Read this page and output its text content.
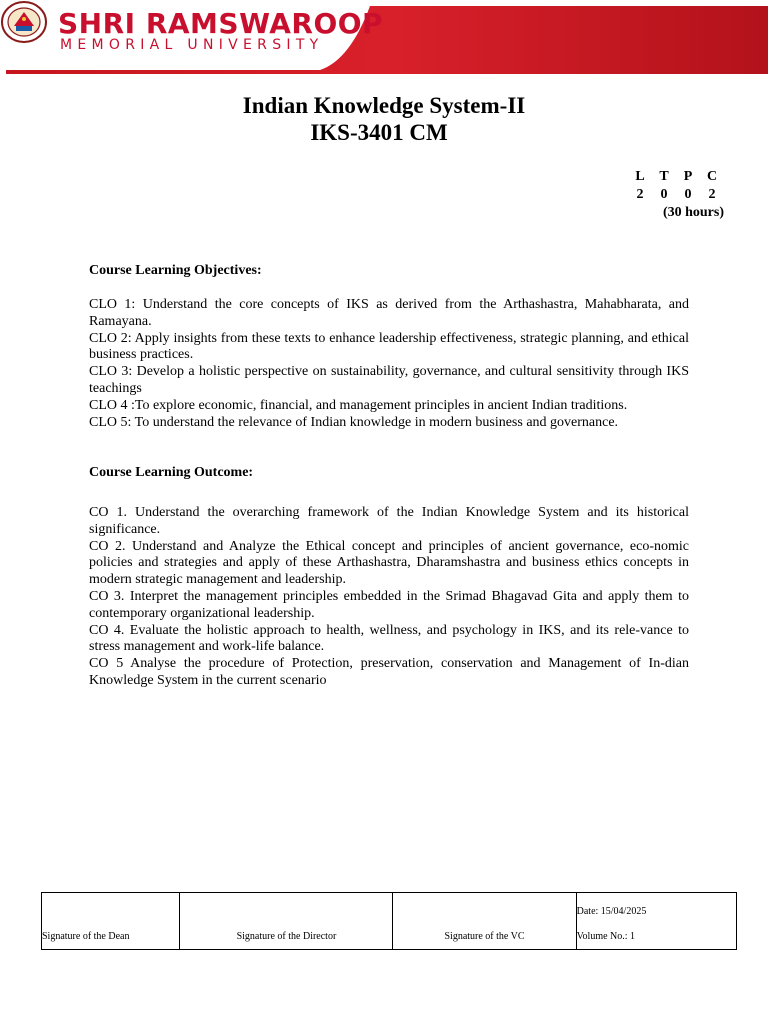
SHRI RAMSWAROOP
MEMORIAL UNIVERSITY
Indian Knowledge System-II
IKS-3401 CM
L	T	P	C
2	0	0	2
(30 hours)
Course Learning Objectives:

CLO 1: Understand the core concepts of IKS as derived from the Arthashastra, Mahabharata, and Ramayana.

CLO 2: Apply insights from these texts to enhance leadership effectiveness, strategic planning, and ethical business practices.

CLO 3: Develop a holistic perspective on sustainability, governance, and cultural sensitivity through IKS teachings

CLO 4 :To explore economic, financial, and management principles in ancient Indian traditions.

CLO 5: To understand the relevance of Indian knowledge in modern business and governance.

Course Learning Outcome:

CO 1. Understand the overarching framework of the Indian Knowledge System and its historical significance.

CO 2. Understand and Analyze the Ethical concept and principles of ancient governance, eco-nomic policies and strategies and apply of these Arthashastra, Dharamshastra and business ethics concepts in modern strategic management and leadership.

CO 3. Interpret the management principles embedded in the Srimad Bhagavad Gita and apply them to contemporary organizational leadership.

CO 4. Evaluate the holistic approach to health, wellness, and psychology in IKS, and its rele-vance to stress management and work-life balance.

CO 5 Analyse the procedure of Protection, preservation, conservation and Management of In-dian Knowledge System in the current scenario

Signature of the Dean	Signature of the Director	Signature of the VC	
Date: 15/04/2025
Volume No.: 1
